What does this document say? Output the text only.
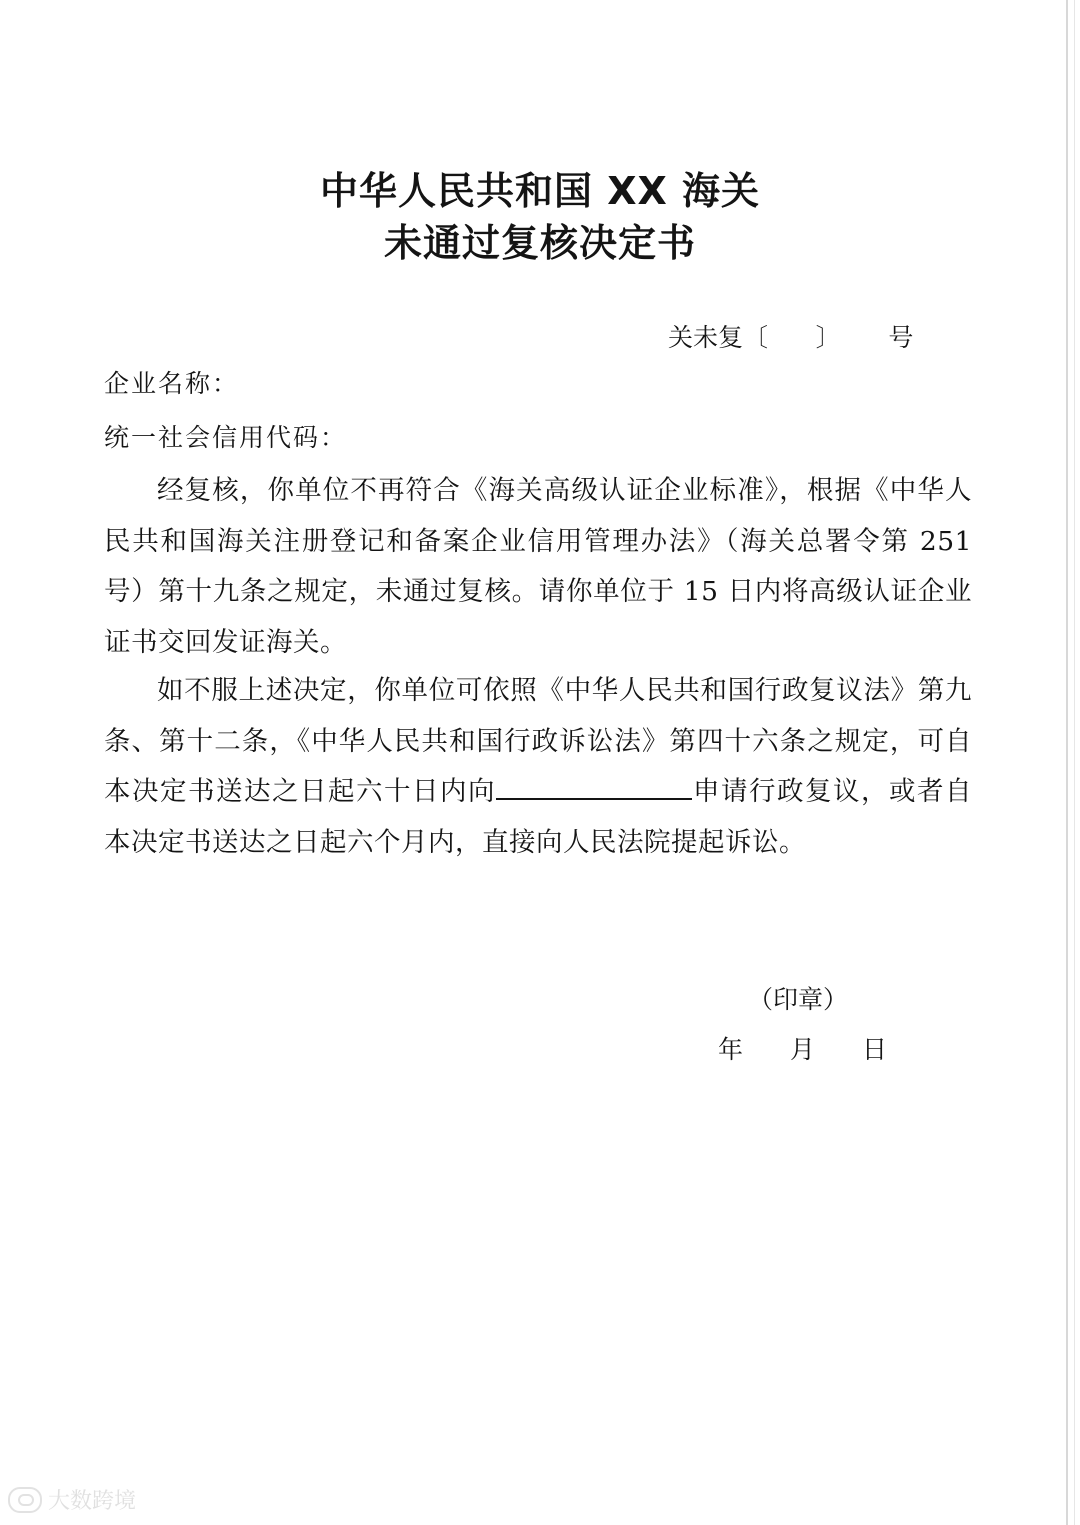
中华人民共和国 XX 海关
未通过复核决定书
关未复〔      〕      号
企业名称：
统一社会信用代码：

经复核，你单位不再符合《海关高级认证企业标准》，根据《中华人民共和国海关注册登记和备案企业信用管理办法》（海关总署令第 251 号）第十九条之规定，未通过复核。请你单位于 15 日内将高级认证企业证书交回发证海关。

如不服上述决定，你单位可依照《中华人民共和国行政复议法》第九条、第十二条，《中华人民共和国行政诉讼法》第四十六条之规定，可自本决定书送达之日起六十日内向	申请行政复议，或者自本决定书送达之日起六个月内，直接向人民法院提起诉讼。

（印章）
年 月 日
大数跨境
